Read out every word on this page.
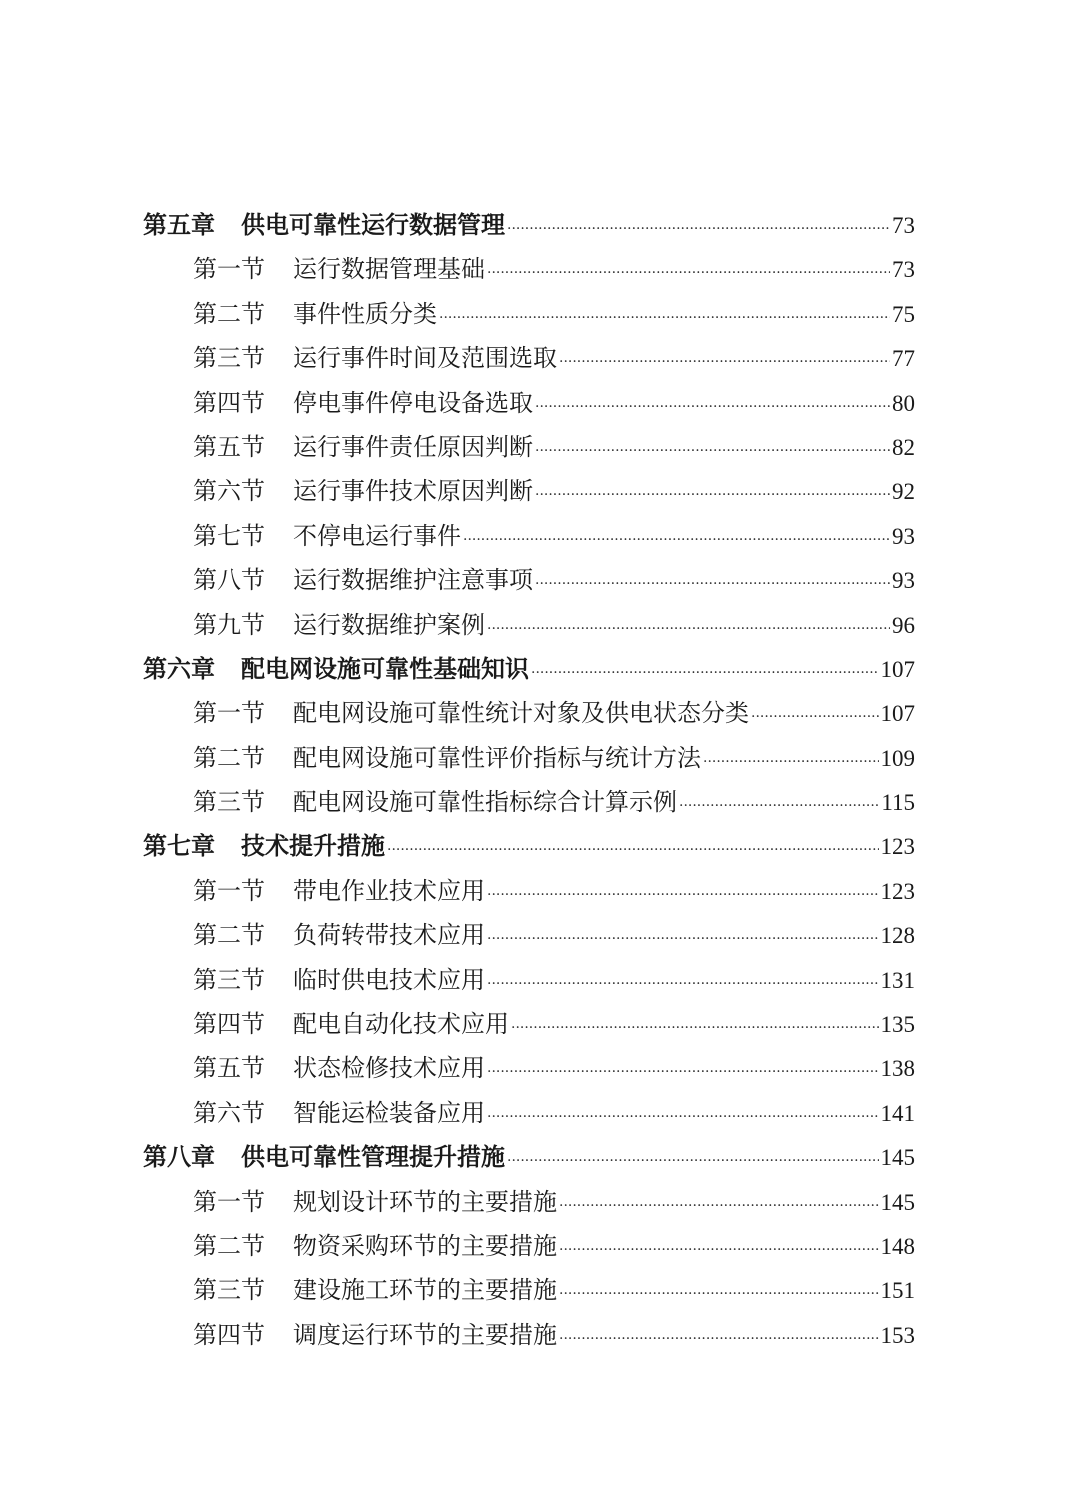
第五章 供电可靠性运行数据管理 ·····	73
第一节 运行数据管理基础 ·····	73
第二节 事件性质分类 ·····	75
第三节 运行事件时间及范围选取 ·····	77
第四节 停电事件停电设备选取 ·····	80
第五节 运行事件责任原因判断 ·····	82
第六节 运行事件技术原因判断 ·····	92
第七节 不停电运行事件 ·····	93
第八节 运行数据维护注意事项 ·····	93
第九节 运行数据维护案例 ·····	96
第六章 配电网设施可靠性基础知识 ·····	107
第一节 配电网设施可靠性统计对象及供电状态分类 ·····	107
第二节 配电网设施可靠性评价指标与统计方法 ·····	109
第三节 配电网设施可靠性指标综合计算示例 ·····	115
第七章 技术提升措施 ·····	123
第一节 带电作业技术应用 ·····	123
第二节 负荷转带技术应用 ·····	128
第三节 临时供电技术应用 ·····	131
第四节 配电自动化技术应用 ·····	135
第五节 状态检修技术应用 ·····	138
第六节 智能运检装备应用 ·····	141
第八章 供电可靠性管理提升措施 ·····	145
第一节 规划设计环节的主要措施 ·····	145
第二节 物资采购环节的主要措施 ·····	148
第三节 建设施工环节的主要措施 ·····	151
第四节 调度运行环节的主要措施 ·····	153
